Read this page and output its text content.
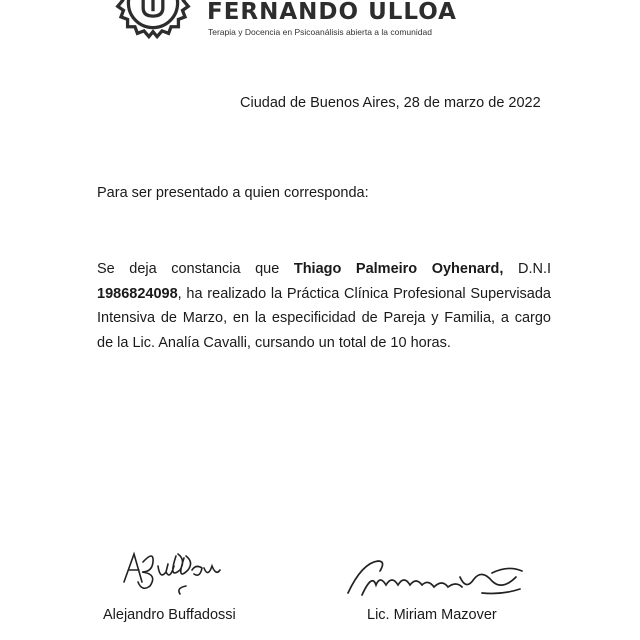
FERNANDO ULLOA

Terapia y Docencia en Psicoanálisis abierta a la comunidad

Ciudad de Buenos Aires, 28 de marzo de 2022

Para ser presentado a quien corresponda:

Se deja constancia que Thiago Palmeiro Oyhenard, D.N.I 1986824098, ha realizado la Práctica Clínica Profesional Supervisada Intensiva de Marzo, en la especificidad de Pareja y Familia, a cargo de la Lic. Analía Cavalli, cursando un total de 10 horas.

Alejandro Buffadossi	Lic. Miriam Mazover
